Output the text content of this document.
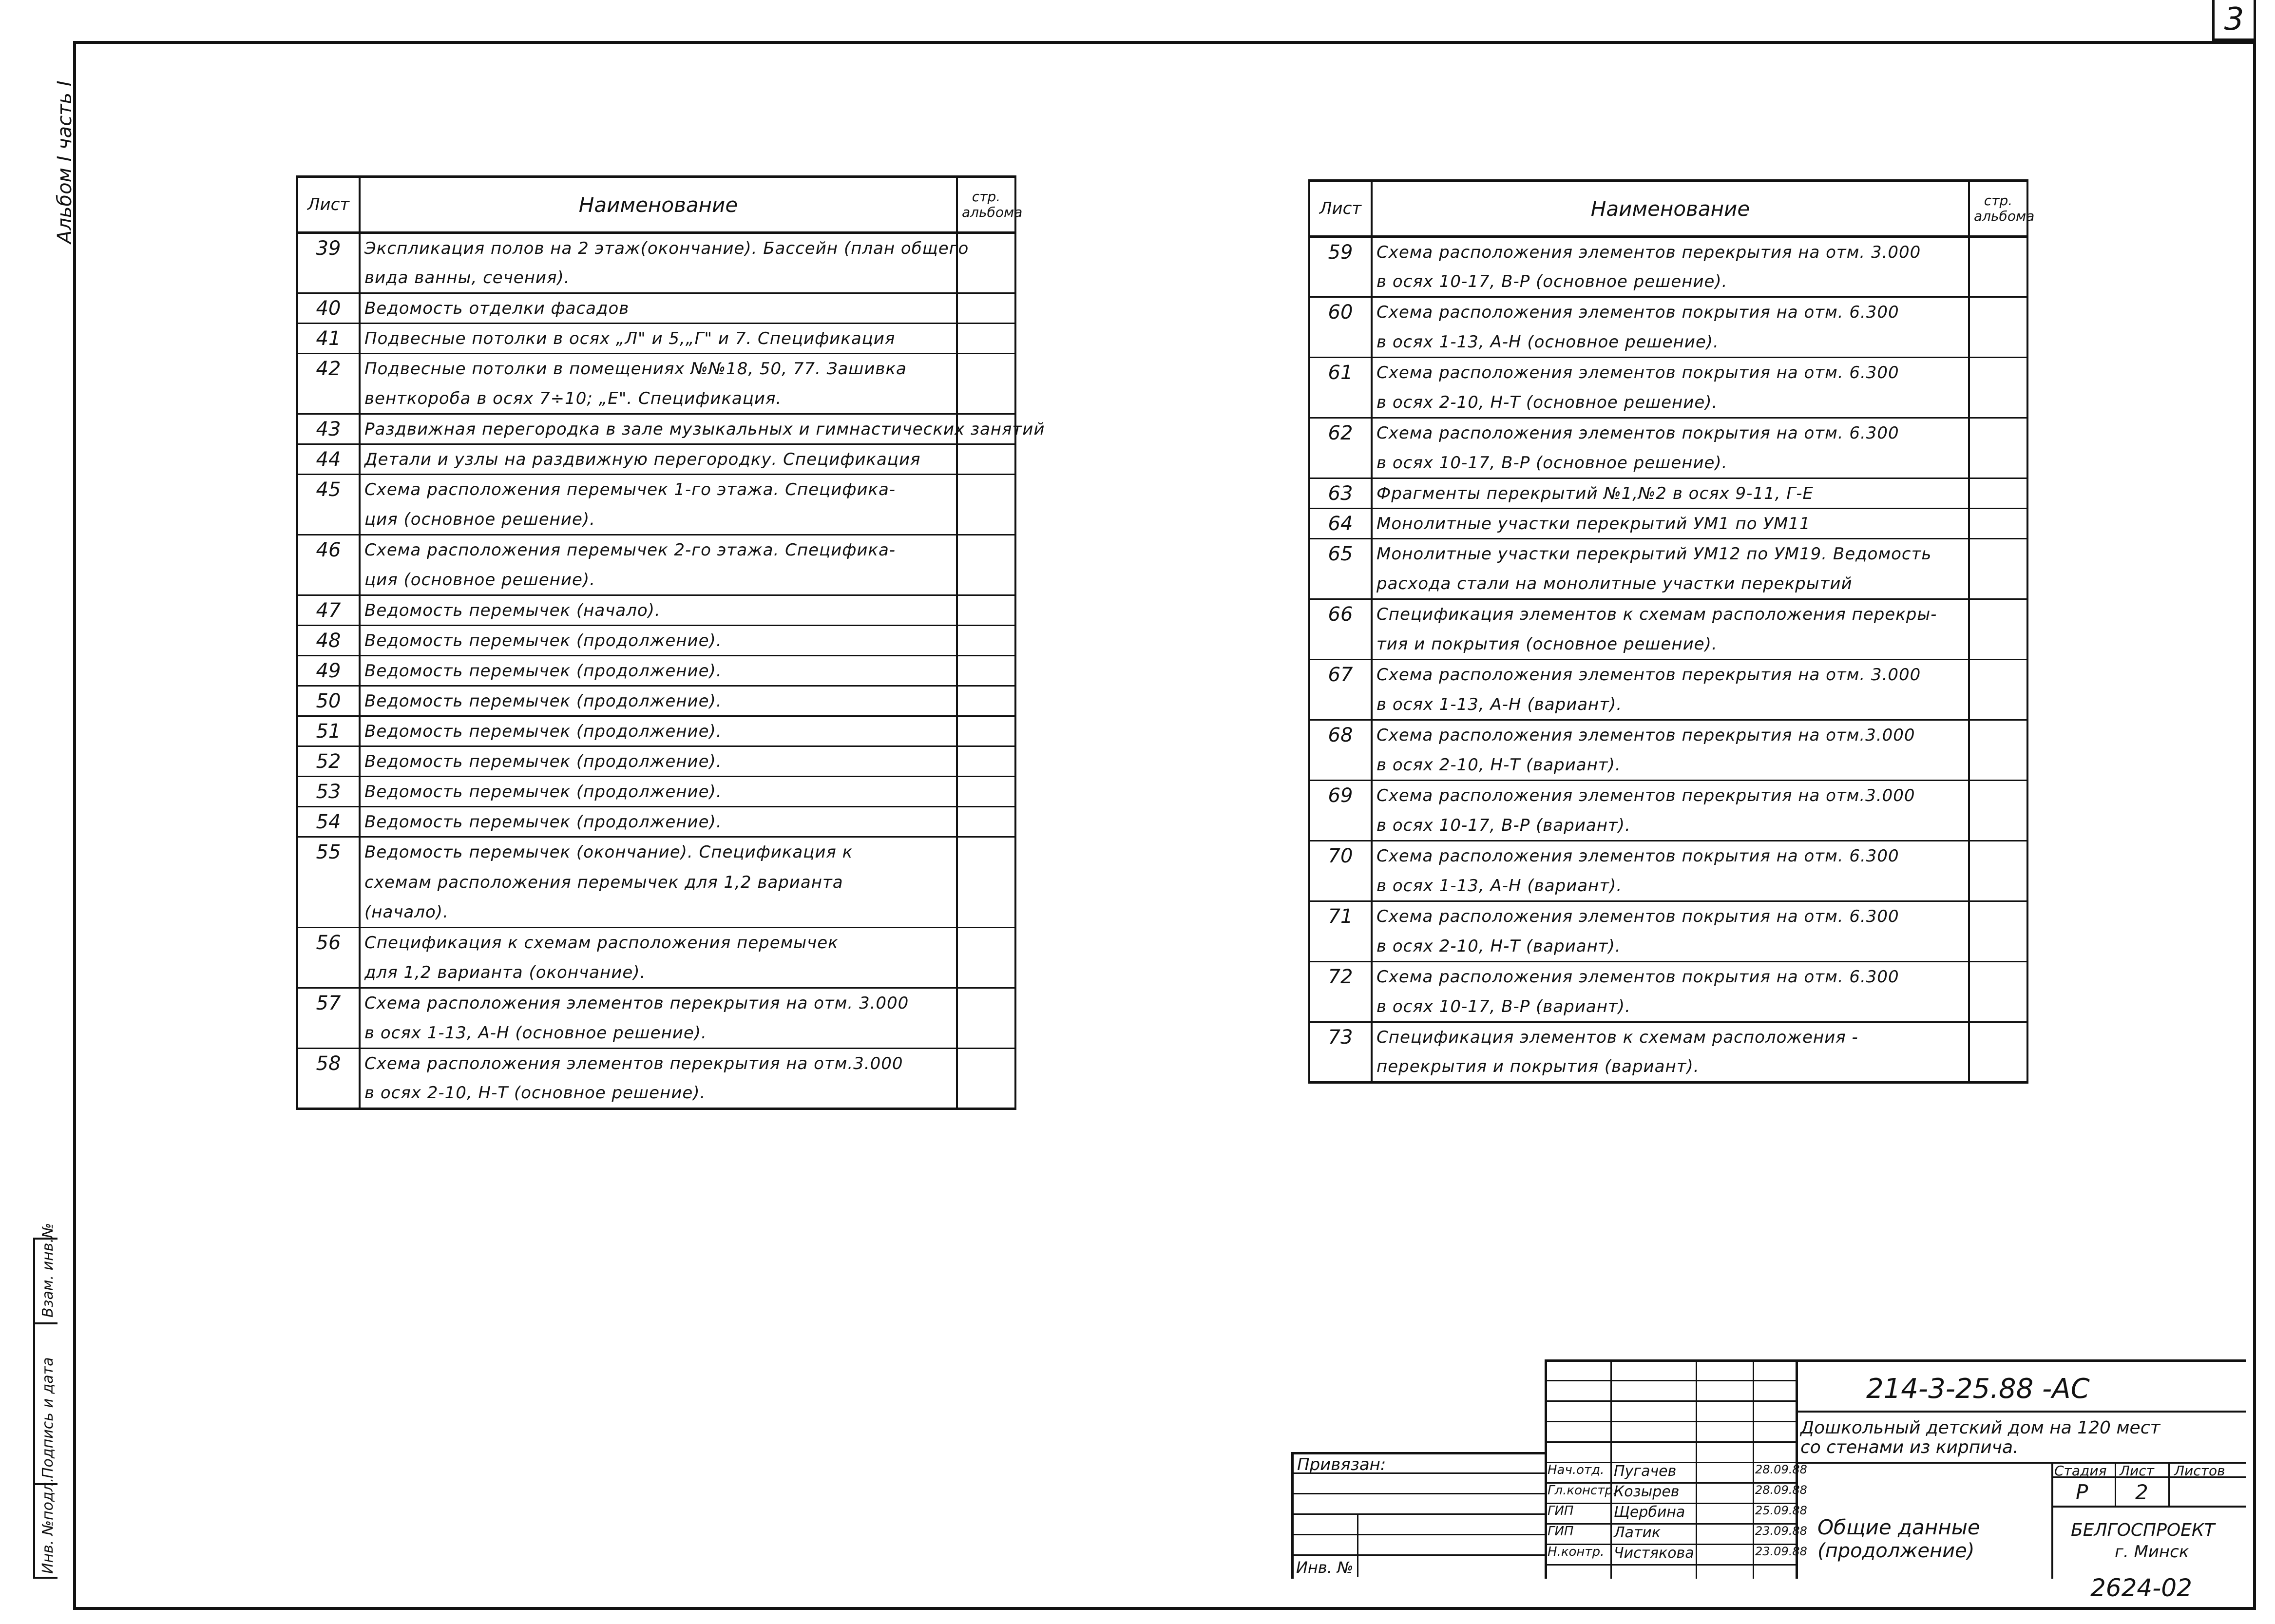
3
Альбом I часть I
Взам. инв.№
Подпись и дата
Инв. №подл.
Лист	Наименование	стр.
альбома
39	Экспликация полов на 2 этаж(окончание). Бассейн (план общего	
	вида ванны, сечения).	
40	Ведомость отделки фасадов	
41	Подвесные потолки в осях „Л" и 5,„Г" и 7. Спецификация	
42	Подвесные потолки в помещениях №№18, 50, 77. Зашивка	
	венткороба в осях 7÷10; „Е". Спецификация.	
43	Раздвижная перегородка в зале музыкальных и гимнастических занятий	
44	Детали и узлы на раздвижную перегородку. Спецификация	
45	Схема расположения перемычек 1-го этажа. Специфика-	
	ция (основное решение).	
46	Схема расположения перемычек 2-го этажа. Специфика-	
	ция (основное решение).	
47	Ведомость перемычек (начало).	
48	Ведомость перемычек (продолжение).	
49	Ведомость перемычек (продолжение).	
50	Ведомость перемычек (продолжение).	
51	Ведомость перемычек (продолжение).	
52	Ведомость перемычек (продолжение).	
53	Ведомость перемычек (продолжение).	
54	Ведомость перемычек (продолжение).	
55	Ведомость перемычек (окончание). Спецификация к	
	схемам расположения перемычек для 1,2 варианта	
	(начало).	
56	Спецификация к схемам расположения перемычек	
	для 1,2 варианта (окончание).	
57	Схема расположения элементов перекрытия на отм. 3.000	
	в осях 1-13, А-Н (основное решение).	
58	Схема расположения элементов перекрытия на отм.3.000	
	в осях 2-10, Н-Т (основное решение).	
Лист	Наименование	стр.
альбома
59	Схема расположения элементов перекрытия на отм. 3.000	
	в осях 10-17, В-Р (основное решение).	
60	Схема расположения элементов покрытия на отм. 6.300	
	в осях 1-13, А-Н (основное решение).	
61	Схема расположения элементов покрытия на отм. 6.300	
	в осях 2-10, Н-Т (основное решение).	
62	Схема расположения элементов покрытия на отм. 6.300	
	в осях 10-17, В-Р (основное решение).	
63	Фрагменты перекрытий №1,№2 в осях 9-11, Г-Е	
64	Монолитные участки перекрытий УМ1 по УМ11	
65	Монолитные участки перекрытий УМ12 по УМ19. Ведомость	
	расхода стали на монолитные участки перекрытий	
66	Спецификация элементов к схемам расположения перекры-	
	тия и покрытия (основное решение).	
67	Схема расположения элементов перекрытия на отм. 3.000	
	в осях 1-13, А-Н (вариант).	
68	Схема расположения элементов перекрытия на отм.3.000	
	в осях 2-10, Н-Т (вариант).	
69	Схема расположения элементов перекрытия на отм.3.000	
	в осях 10-17, В-Р (вариант).	
70	Схема расположения элементов покрытия на отм. 6.300	
	в осях 1-13, А-Н (вариант).	
71	Схема расположения элементов покрытия на отм. 6.300	
	в осях 2-10, Н-Т (вариант).	
72	Схема расположения элементов покрытия на отм. 6.300	
	в осях 10-17, В-Р (вариант).	
73	Спецификация элементов к схемам расположения -	
	перекрытия и покрытия (вариант).	
214-3-25.88 -АС
Дошкольный детский дом на 120 мест
со стенами из кирпича.
Привязан:
Инв. №
Стадия Лист Листов
Р 2
Общие данные
(продолжение)
БЕЛГОСПРОЕКТ
г. Минск
2624-02
Нач.отд. Пугачев	28.09.88
Гл.констр.
Козырев	28.09.88
ГИП	Щербина	25.09.88
ГИП	Латик	23.09.88
Н.контр. Чистякова	23.09.88
